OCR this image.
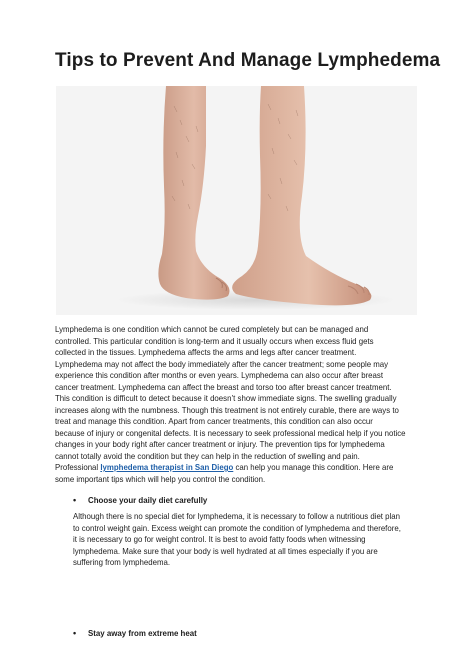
Tips to Prevent And Manage Lymphedema
Lymphedema is one condition which cannot be cured completely but can be managed and
controlled. This particular condition is long-term and it usually occurs when excess fluid gets
collected in the tissues. Lymphedema affects the arms and legs after cancer treatment.
Lymphedema may not affect the body immediately after the cancer treatment; some people may
experience this condition after months or even years. Lymphedema can also occur after breast
cancer treatment. Lymphedema can affect the breast and torso too after breast cancer treatment.
This condition is difficult to detect because it doesn’t show immediate signs. The swelling gradually
increases along with the numbness. Though this treatment is not entirely curable, there are ways to
treat and manage this condition. Apart from cancer treatments, this condition can also occur
because of injury or congenital defects. It is necessary to seek professional medical help if you notice
changes in your body right after cancer treatment or injury. The prevention tips for lymphedema
cannot totally avoid the condition but they can help in the reduction of swelling and pain.
Professional lymphedema therapist in San Diego can help you manage this condition. Here are
some important tips which will help you control the condition.
• Choose your daily diet carefully
Although there is no special diet for lymphedema, it is necessary to follow a nutritious diet plan
to control weight gain. Excess weight can promote the condition of lymphedema and therefore,
it is necessary to go for weight control. It is best to avoid fatty foods when witnessing
lymphedema. Make sure that your body is well hydrated at all times especially if you are
suffering from lymphedema.
• Stay away from extreme heat
